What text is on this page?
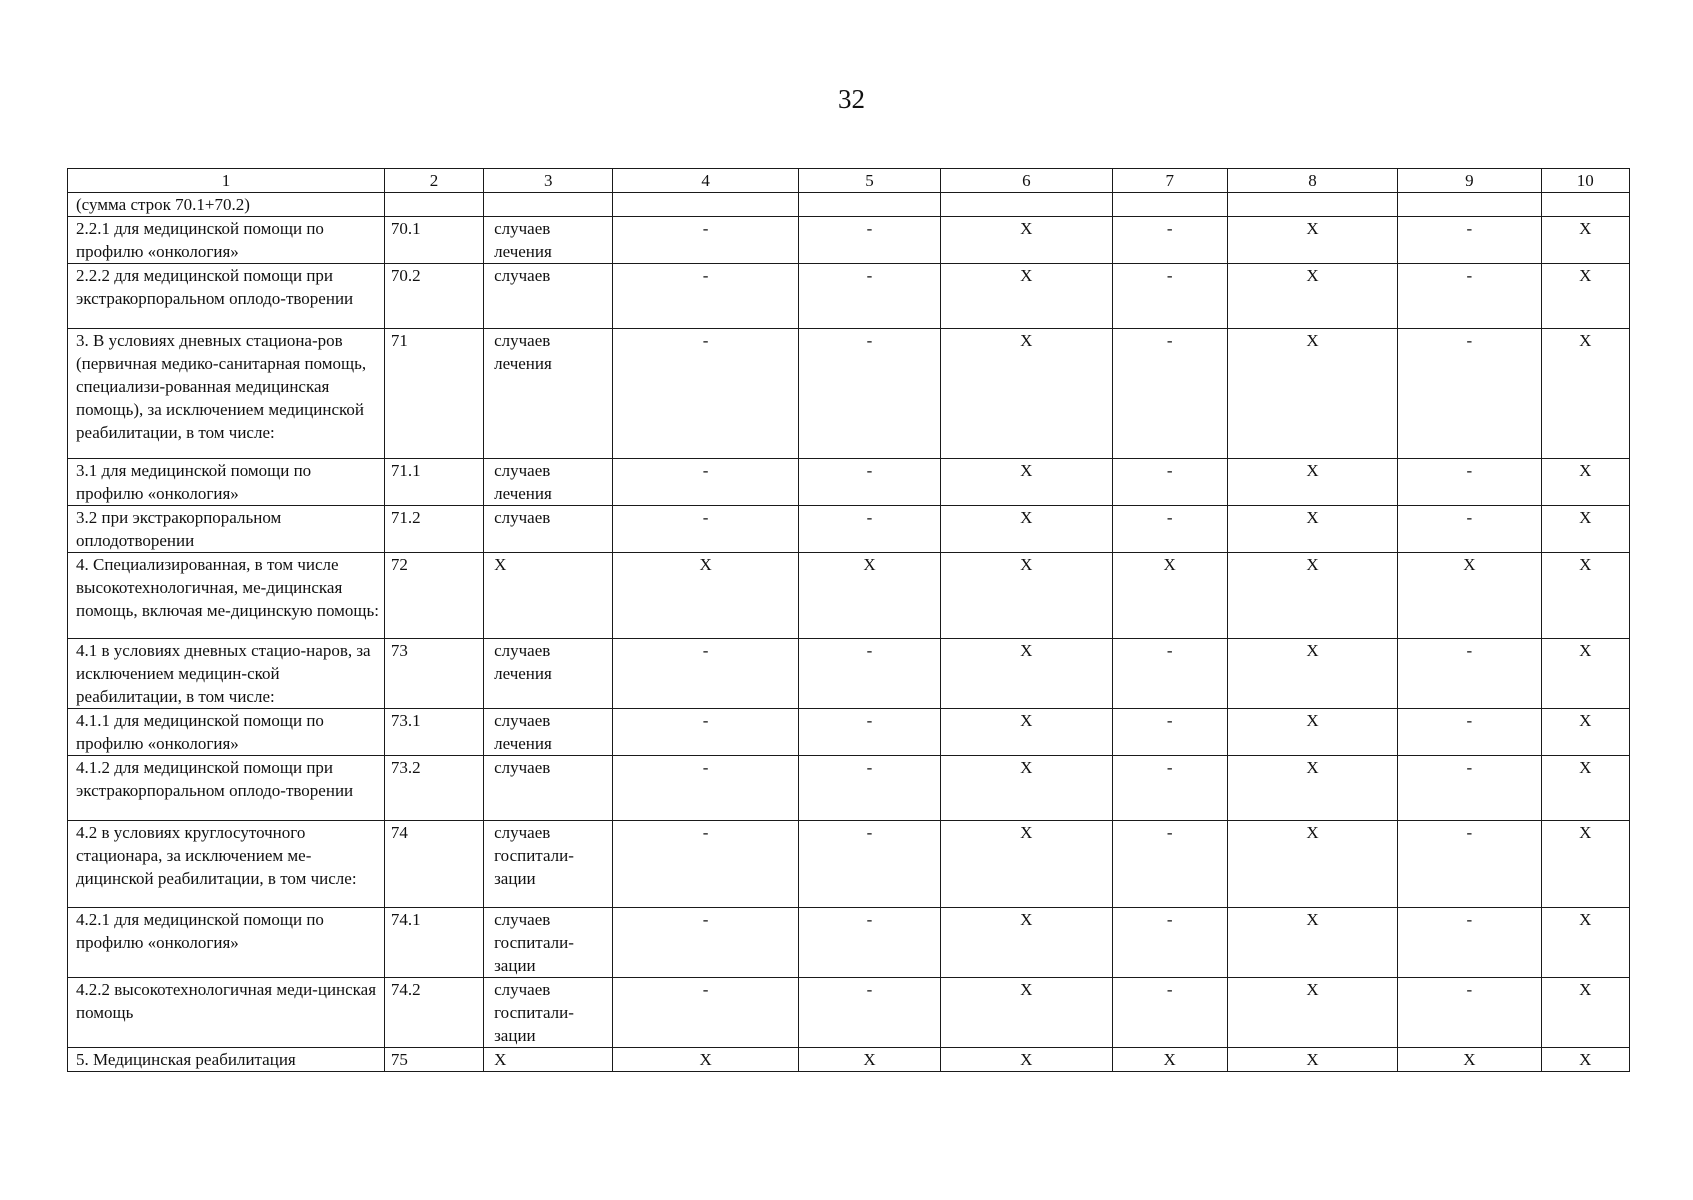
32
1	2	3	4	5	6	7	8	9	10
(сумма строк 70.1+70.2)									
2.2.1 для медицинской помощи по профилю «онкология»	70.1	случаев лечения	-	-	X	-	X	-	X
2.2.2 для медицинской помощи при экстракорпоральном оплодо-творении	70.2	случаев	-	-	X	-	X	-	X
3. В условиях дневных стациона-ров (первичная медико-санитарная помощь, специализи-рованная медицинская помощь), за исключением медицинской реабилитации, в том числе:	71	случаев лечения	-	-	X	-	X	-	X
3.1 для медицинской помощи по профилю «онкология»	71.1	случаев лечения	-	-	X	-	X	-	X
3.2 при экстракорпоральном оплодотворении	71.2	случаев	-	-	X	-	X	-	X
4. Специализированная, в том числе высокотехнологичная, ме-дицинская помощь, включая ме-дицинскую помощь:	72	X	X	X	X	X	X	X	X
4.1 в условиях дневных стацио-наров, за исключением медицин-ской реабилитации, в том числе:	73	случаев лечения	-	-	X	-	X	-	X
4.1.1 для медицинской помощи по профилю «онкология»	73.1	случаев лечения	-	-	X	-	X	-	X
4.1.2 для медицинской помощи при экстракорпоральном оплодо-творении	73.2	случаев	-	-	X	-	X	-	X
4.2 в условиях круглосуточного стационара, за исключением ме-дицинской реабилитации, в том числе:	74	случаев госпитали-зации	-	-	X	-	X	-	X
4.2.1 для медицинской помощи по профилю «онкология»	74.1	случаев госпитали-зации	-	-	X	-	X	-	X
4.2.2 высокотехнологичная меди-цинская помощь	74.2	случаев госпитали-зации	-	-	X	-	X	-	X
5. Медицинская реабилитация	75	X	X	X	X	X	X	X	X
